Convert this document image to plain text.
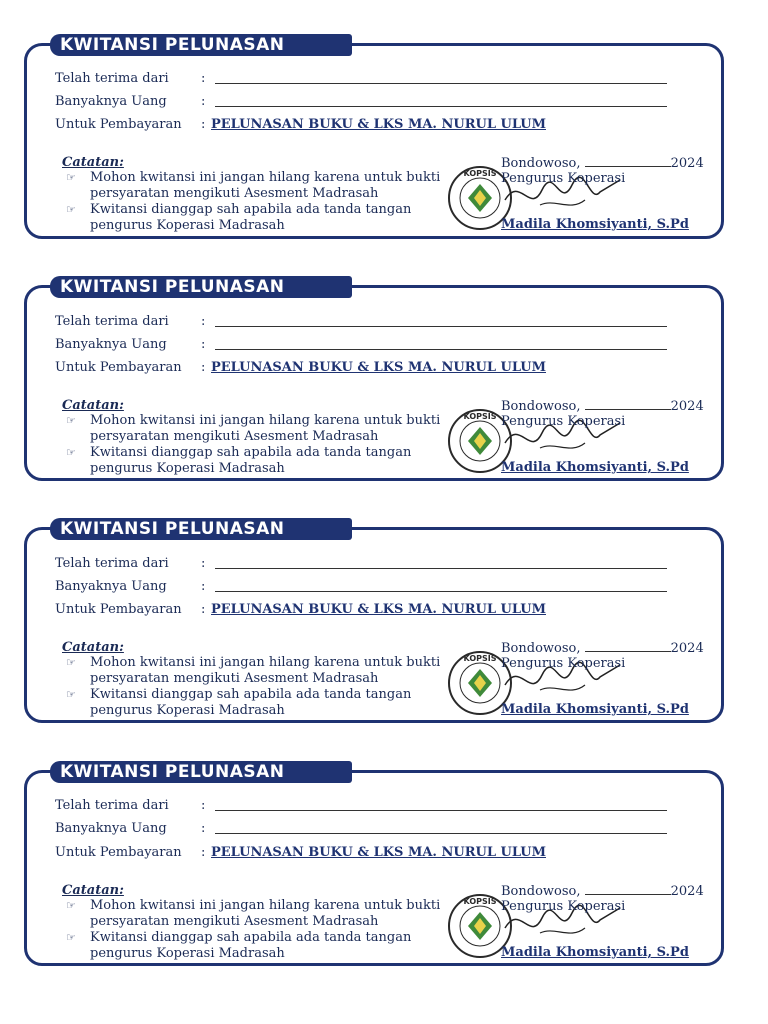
KWITANSI PELUNASAN
Telah terima dari	:
Banyaknya Uang	:
Untuk Pembayaran	: PELUNASAN BUKU & LKS MA. NURUL ULUM
Catatan:
☞ Mohon kwitansi ini jangan hilang karena untuk bukti
persyaratan mengikuti Asesment Madrasah
☞ Kwitansi dianggap sah apabila ada tanda tangan
pengurus Koperasi Madrasah
KOPSIS
Bondowoso,	2024
Pengurus Koperasi
Madila Khomsiyanti, S.Pd
KWITANSI PELUNASAN
Telah terima dari	:
Banyaknya Uang	:
Untuk Pembayaran	: PELUNASAN BUKU & LKS MA. NURUL ULUM
Catatan:
☞ Mohon kwitansi ini jangan hilang karena untuk bukti
persyaratan mengikuti Asesment Madrasah
☞ Kwitansi dianggap sah apabila ada tanda tangan
pengurus Koperasi Madrasah
KOPSIS
Bondowoso,	2024
Pengurus Koperasi
Madila Khomsiyanti, S.Pd
KWITANSI PELUNASAN
Telah terima dari	:
Banyaknya Uang	:
Untuk Pembayaran	: PELUNASAN BUKU & LKS MA. NURUL ULUM
Catatan:
☞ Mohon kwitansi ini jangan hilang karena untuk bukti
persyaratan mengikuti Asesment Madrasah
☞ Kwitansi dianggap sah apabila ada tanda tangan
pengurus Koperasi Madrasah
KOPSIS
Bondowoso,	2024
Pengurus Koperasi
Madila Khomsiyanti, S.Pd
KWITANSI PELUNASAN
Telah terima dari	:
Banyaknya Uang	:
Untuk Pembayaran	: PELUNASAN BUKU & LKS MA. NURUL ULUM
Catatan:
☞ Mohon kwitansi ini jangan hilang karena untuk bukti
persyaratan mengikuti Asesment Madrasah
☞ Kwitansi dianggap sah apabila ada tanda tangan
pengurus Koperasi Madrasah
KOPSIS
Bondowoso,	2024
Pengurus Koperasi
Madila Khomsiyanti, S.Pd
